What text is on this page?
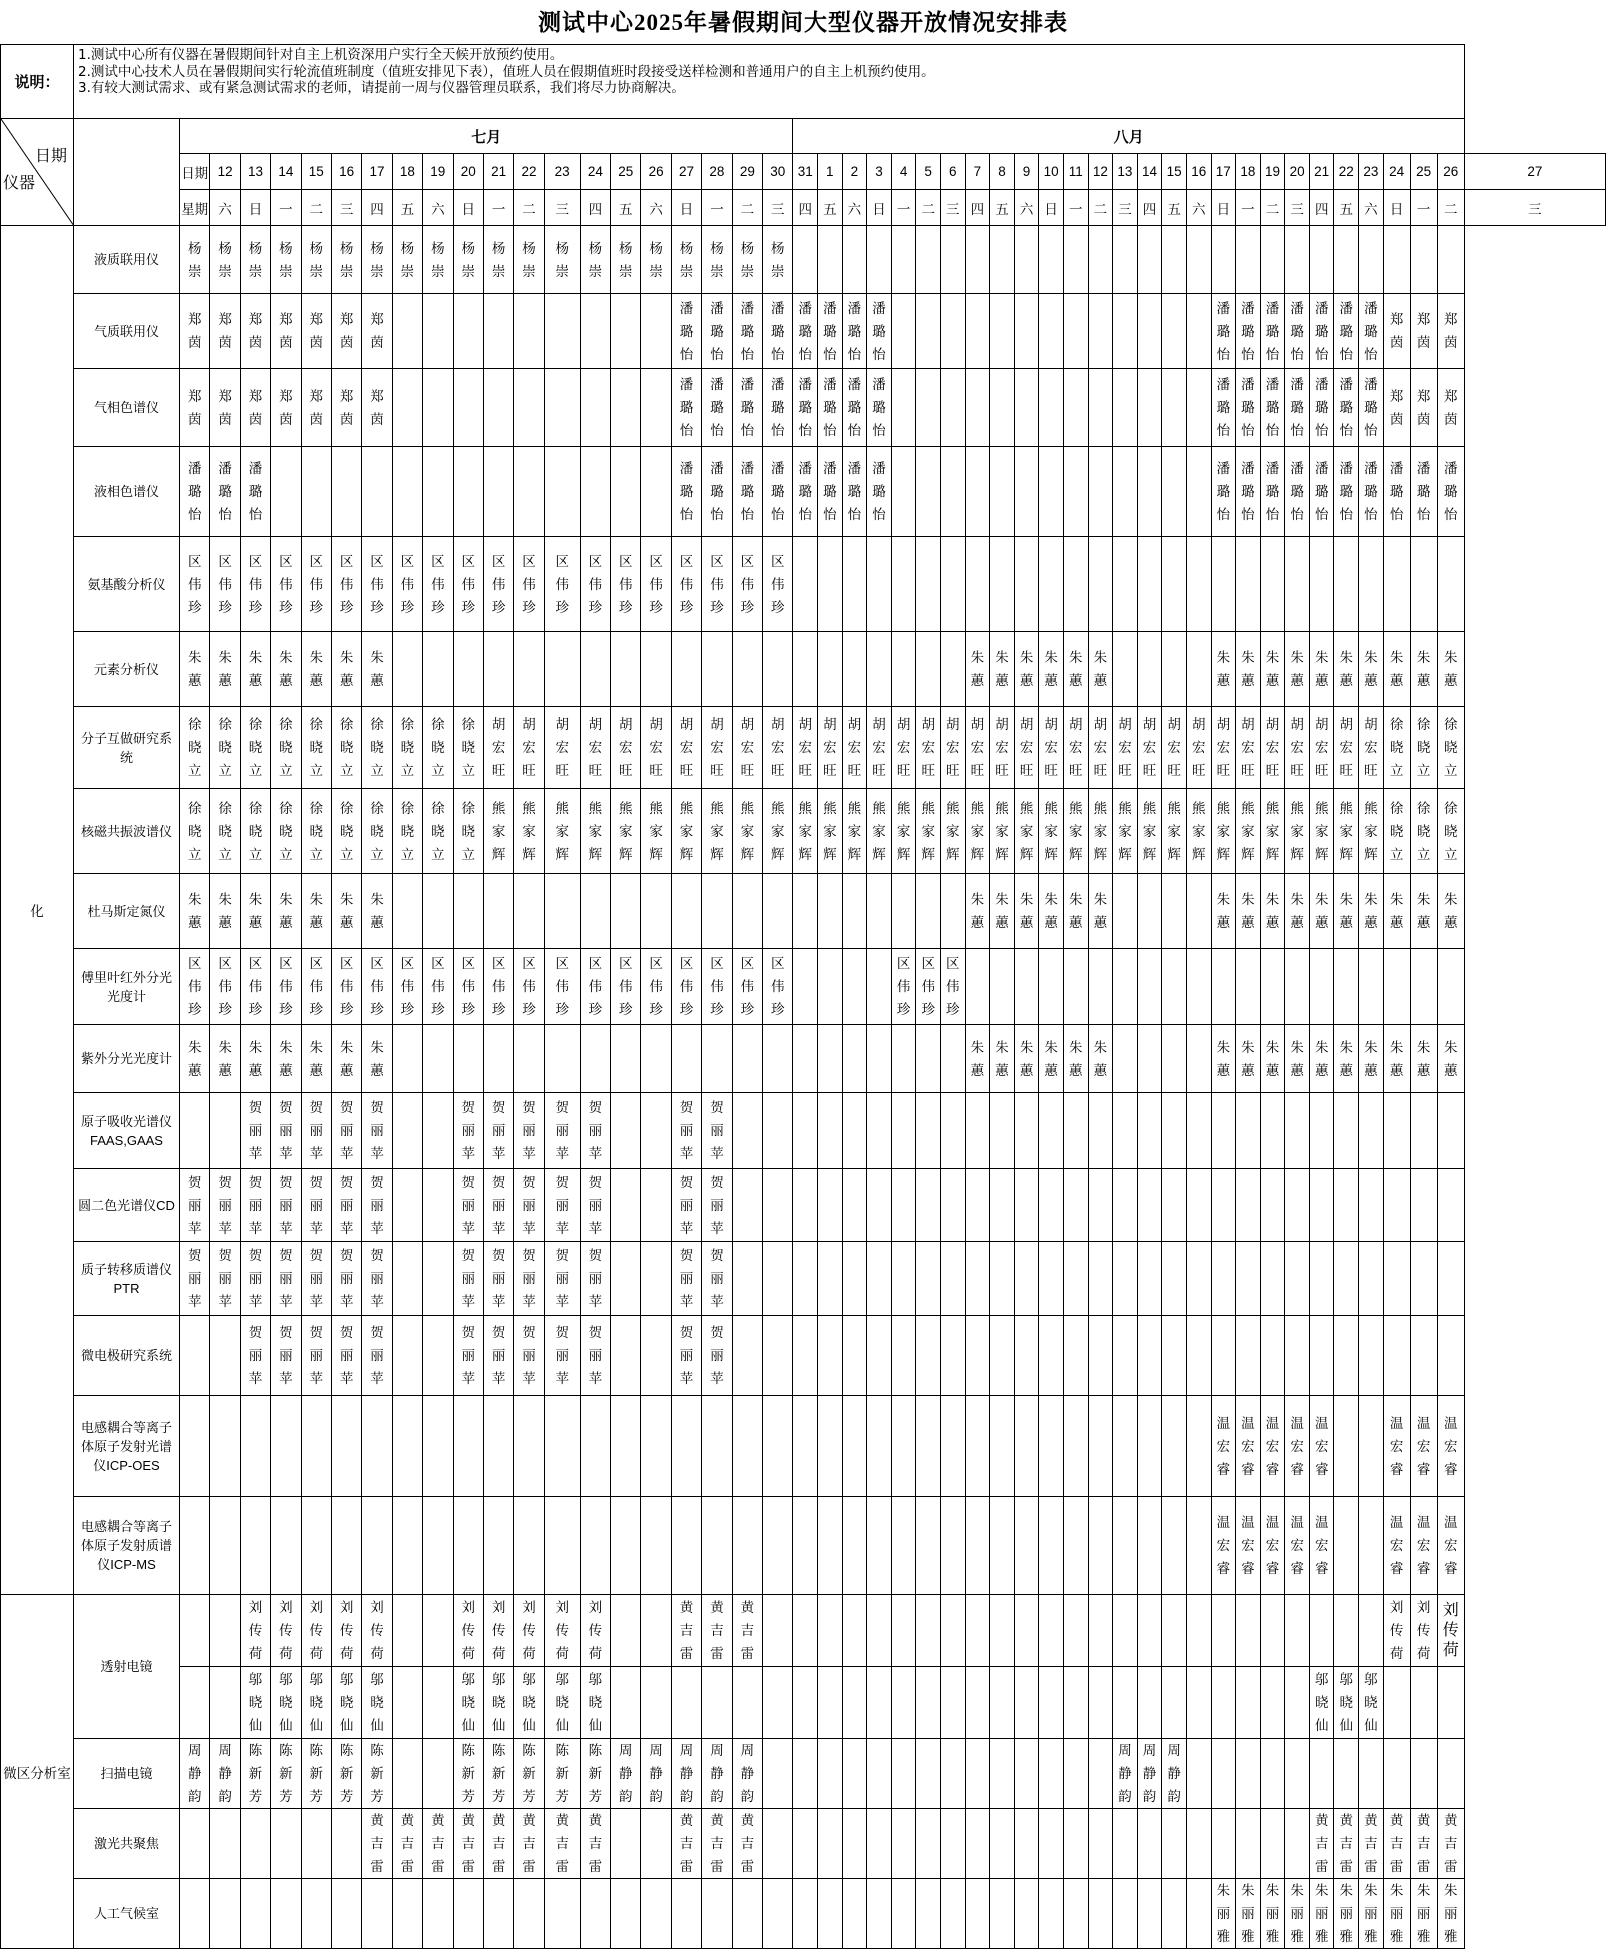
测试中心2025年暑假期间大型仪器开放情况安排表
说明：	1.测试中心所有仪器在暑假期间针对自主上机资深用户实行全天候开放预约使用。
2.测试中心技术人员在暑假期间实行轮流值班制度（值班安排见下表），值班人员在假期值班时段接受送样检测和普通用户的自主上机预约使用。
3.有较大测试需求、或有紧急测试需求的老师，请提前一周与仪器管理员联系，我们将尽力协商解决。																																																

日期
仪器		七月																				八月																											
		日期	12	13	14	15	16	17	18	19	20	21	22	23	24	25	26	27	28	29	30	31	1	2	3	4	5	6	7	8	9	10	11	12	13	14	15	16	17	18	19	20	21	22	23	24	25	26	27
		星期	六	日	一	二	三	四	五	六	日	一	二	三	四	五	六	日	一	二	三	四	五	六	日	一	二	三	四	五	六	日	一	二	三	四	五	六	日	一	二	三	四	五	六	日	一	二	三
化	液质联用仪	杨崇	杨崇	杨崇	杨崇	杨崇	杨崇	杨崇	杨崇	杨崇	杨崇	杨崇	杨崇	杨崇	杨崇	杨崇	杨崇	杨崇	杨崇	杨崇	杨崇																												
	气质联用仪	郑茵	郑茵	郑茵	郑茵	郑茵	郑茵	郑茵										潘璐怡	潘璐怡	潘璐怡	潘璐怡	潘璐怡	潘璐怡	潘璐怡	潘璐怡														潘璐怡	潘璐怡	潘璐怡	潘璐怡	潘璐怡	潘璐怡	潘璐怡	郑茵	郑茵	郑茵	
	气相色谱仪	郑茵	郑茵	郑茵	郑茵	郑茵	郑茵	郑茵										潘璐怡	潘璐怡	潘璐怡	潘璐怡	潘璐怡	潘璐怡	潘璐怡	潘璐怡														潘璐怡	潘璐怡	潘璐怡	潘璐怡	潘璐怡	潘璐怡	潘璐怡	郑茵	郑茵	郑茵	
	液相色谱仪	潘璐怡	潘璐怡	潘璐怡														潘璐怡	潘璐怡	潘璐怡	潘璐怡	潘璐怡	潘璐怡	潘璐怡	潘璐怡														潘璐怡	潘璐怡	潘璐怡	潘璐怡	潘璐怡	潘璐怡	潘璐怡	潘璐怡	潘璐怡	潘璐怡	
	氨基酸分析仪	区伟珍	区伟珍	区伟珍	区伟珍	区伟珍	区伟珍	区伟珍	区伟珍	区伟珍	区伟珍	区伟珍	区伟珍	区伟珍	区伟珍	区伟珍	区伟珍	区伟珍	区伟珍	区伟珍	区伟珍																												
	元素分析仪	朱蕙	朱蕙	朱蕙	朱蕙	朱蕙	朱蕙	朱蕙																					朱蕙	朱蕙	朱蕙	朱蕙	朱蕙	朱蕙					朱蕙	朱蕙	朱蕙	朱蕙	朱蕙	朱蕙	朱蕙	朱蕙	朱蕙	朱蕙	
	分子互做研究系统	徐晓立	徐晓立	徐晓立	徐晓立	徐晓立	徐晓立	徐晓立	徐晓立	徐晓立	徐晓立	胡宏旺	胡宏旺	胡宏旺	胡宏旺	胡宏旺	胡宏旺	胡宏旺	胡宏旺	胡宏旺	胡宏旺	胡宏旺	胡宏旺	胡宏旺	胡宏旺	胡宏旺	胡宏旺	胡宏旺	胡宏旺	胡宏旺	胡宏旺	胡宏旺	胡宏旺	胡宏旺	胡宏旺	胡宏旺	胡宏旺	胡宏旺	胡宏旺	胡宏旺	胡宏旺	胡宏旺	胡宏旺	胡宏旺	胡宏旺	徐晓立	徐晓立	徐晓立	
	核磁共振波谱仪	徐晓立	徐晓立	徐晓立	徐晓立	徐晓立	徐晓立	徐晓立	徐晓立	徐晓立	徐晓立	熊家辉	熊家辉	熊家辉	熊家辉	熊家辉	熊家辉	熊家辉	熊家辉	熊家辉	熊家辉	熊家辉	熊家辉	熊家辉	熊家辉	熊家辉	熊家辉	熊家辉	熊家辉	熊家辉	熊家辉	熊家辉	熊家辉	熊家辉	熊家辉	熊家辉	熊家辉	熊家辉	熊家辉	熊家辉	熊家辉	熊家辉	熊家辉	熊家辉	熊家辉	徐晓立	徐晓立	徐晓立	
	杜马斯定氮仪	朱蕙	朱蕙	朱蕙	朱蕙	朱蕙	朱蕙	朱蕙																					朱蕙	朱蕙	朱蕙	朱蕙	朱蕙	朱蕙					朱蕙	朱蕙	朱蕙	朱蕙	朱蕙	朱蕙	朱蕙	朱蕙	朱蕙	朱蕙	
	傅里叶红外分光光度计	区伟珍	区伟珍	区伟珍	区伟珍	区伟珍	区伟珍	区伟珍	区伟珍	区伟珍	区伟珍	区伟珍	区伟珍	区伟珍	区伟珍	区伟珍	区伟珍	区伟珍	区伟珍	区伟珍	区伟珍					区伟珍	区伟珍	区伟珍																					
	紫外分光光度计	朱蕙	朱蕙	朱蕙	朱蕙	朱蕙	朱蕙	朱蕙																					朱蕙	朱蕙	朱蕙	朱蕙	朱蕙	朱蕙					朱蕙	朱蕙	朱蕙	朱蕙	朱蕙	朱蕙	朱蕙	朱蕙	朱蕙	朱蕙	
	原子吸收光谱仪FAAS,GAAS			贺丽苹	贺丽苹	贺丽苹	贺丽苹	贺丽苹			贺丽苹	贺丽苹	贺丽苹	贺丽苹	贺丽苹			贺丽苹	贺丽苹																														
	圆二色光谱仪CD	贺丽苹	贺丽苹	贺丽苹	贺丽苹	贺丽苹	贺丽苹	贺丽苹			贺丽苹	贺丽苹	贺丽苹	贺丽苹	贺丽苹			贺丽苹	贺丽苹																														
	质子转移质谱仪PTR	贺丽苹	贺丽苹	贺丽苹	贺丽苹	贺丽苹	贺丽苹	贺丽苹			贺丽苹	贺丽苹	贺丽苹	贺丽苹	贺丽苹			贺丽苹	贺丽苹																														
	微电极研究系统			贺丽苹	贺丽苹	贺丽苹	贺丽苹	贺丽苹			贺丽苹	贺丽苹	贺丽苹	贺丽苹	贺丽苹			贺丽苹	贺丽苹																														
	电感耦合等离子体原子发射光谱仪ICP-OES																																						温宏睿	温宏睿	温宏睿	温宏睿	温宏睿			温宏睿	温宏睿	温宏睿	
	电感耦合等离子体原子发射质谱仪ICP-MS																																						温宏睿	温宏睿	温宏睿	温宏睿	温宏睿			温宏睿	温宏睿	温宏睿	
微区分析室	透射电镜			刘传荷	刘传荷	刘传荷	刘传荷	刘传荷			刘传荷	刘传荷	刘传荷	刘传荷	刘传荷			黄吉雷	黄吉雷	黄吉雷																										刘传荷	刘传荷	刘传荷	
				邬晓仙	邬晓仙	邬晓仙	邬晓仙	邬晓仙			邬晓仙	邬晓仙	邬晓仙	邬晓仙	邬晓仙																												邬晓仙	邬晓仙	邬晓仙				
	扫描电镜	周静韵	周静韵	陈新芳	陈新芳	陈新芳	陈新芳	陈新芳			陈新芳	陈新芳	陈新芳	陈新芳	陈新芳	周静韵	周静韵	周静韵	周静韵	周静韵															周静韵	周静韵	周静韵												
	激光共聚焦							黄吉雷	黄吉雷	黄吉雷	黄吉雷	黄吉雷	黄吉雷	黄吉雷	黄吉雷			黄吉雷	黄吉雷	黄吉雷																							黄吉雷	黄吉雷	黄吉雷	黄吉雷	黄吉雷	黄吉雷	
	人工气候室																																						朱丽雅	朱丽雅	朱丽雅	朱丽雅	朱丽雅	朱丽雅	朱丽雅	朱丽雅	朱丽雅	朱丽雅	
